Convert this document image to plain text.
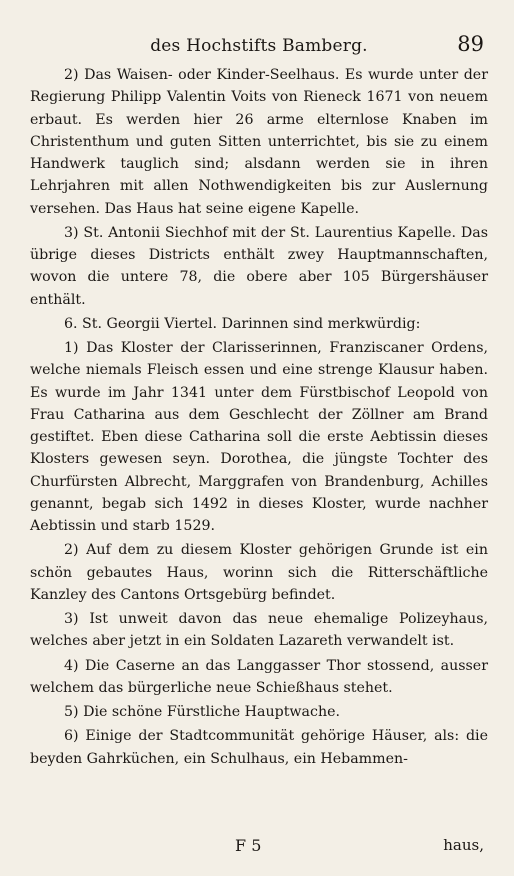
des Hochstifts Bamberg.	89

2) Das Waisen- oder Kinder-Seelhaus. Es wurde unter der Regierung Philipp Valentin Voits von Rieneck 1671 von neuem erbaut. Es werden hier 26 arme elternlose Knaben im Christenthum und guten Sitten unterrichtet, bis sie zu einem Handwerk tauglich sind; alsdann werden sie in ihren Lehrjahren mit allen Nothwendigkeiten bis zur Auslernung versehen. Das Haus hat seine eigene Kapelle.

3) St. Antonii Siechhof mit der St. Laurentius Kapelle. Das übrige dieses Districts enthält zwey Hauptmannschaften, wovon die untere 78, die obere aber 105 Bürgershäuser enthält.

6. St. Georgii Viertel. Darinnen sind merkwürdig:

1) Das Kloster der Clarisserinnen, Franziscaner Ordens, welche niemals Fleisch essen und eine strenge Klausur haben. Es wurde im Jahr 1341 unter dem Fürstbischof Leopold von Frau Catharina aus dem Geschlecht der Zöllner am Brand gestiftet. Eben diese Catharina soll die erste Aebtissin dieses Klosters gewesen seyn. Dorothea, die jüngste Tochter des Churfürsten Albrecht, Marggrafen von Brandenburg, Achilles genannt, begab sich 1492 in dieses Kloster, wurde nachher Aebtissin und starb 1529.

2) Auf dem zu diesem Kloster gehörigen Grunde ist ein schön gebautes Haus, worinn sich die Ritterschäftliche Kanzley des Cantons Ortsgebürg befindet.

3) Ist unweit davon das neue ehemalige Polizeyhaus, welches aber jetzt in ein Soldaten Lazareth verwandelt ist.

4) Die Caserne an das Langgasser Thor stossend, ausser welchem das bürgerliche neue Schießhaus stehet.

5) Die schöne Fürstliche Hauptwache.

6) Einige der Stadtcommunität gehörige Häuser, als: die beyden Gahrküchen, ein Schulhaus, ein Hebammen-

F 5	haus,
